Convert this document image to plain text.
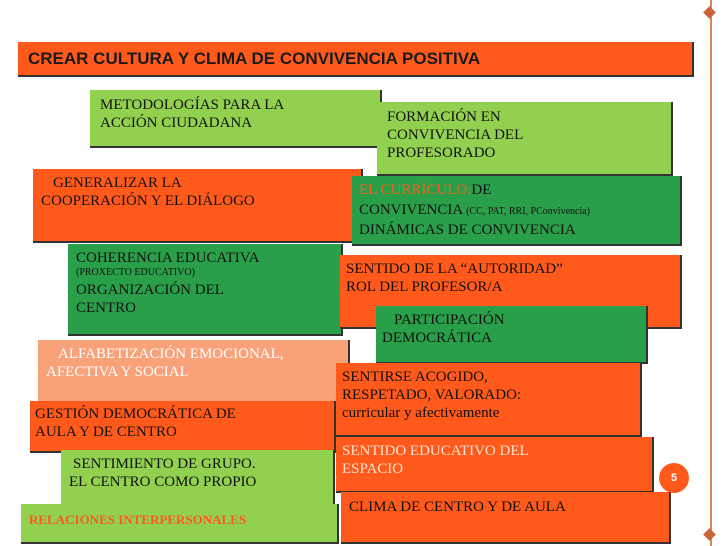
CREAR CULTURA Y CLIMA DE CONVIVENCIA POSITIVA
METODOLOGÍAS PARA LA
ACCIÓN CIUDADANA	FORMACIÓN EN
CONVIVENCIA DEL
PROFESORADO
GENERALIZAR LA
COOPERACIÓN Y EL DIÁLOGO
EL CURRÍCULO:DE
CONVIVENCIA (CC, PAT, RRI, PConvivencia)
DINÁMICAS DE CONVIVENCIA
COHERENCIA EDUCATIVA
(PROXECTO EDUCATIVO)
ORGANIZACIÓN DEL
CENTRO
SENTIDO DE LA “AUTORIDAD”
ROL DEL PROFESOR/A
PARTICIPACIÓN
DEMOCRÁTICA
ALFABETIZACIÓN EMOCIONAL,
AFECTIVA Y SOCIAL	SENTIRSE ACOGIDO,
RESPETADO, VALORADO:
curricular y afectivamente
GESTIÓN DEMOCRÁTICA DE
AULA Y DE CENTRO
SENTIDO EDUCATIVO DEL
ESPACIO
SENTIMIENTO DE GRUPO.
EL CENTRO COMO PROPIO
RELACIONES INTERPERSONALES
CLIMA DE CENTRO Y DE AULA
5
